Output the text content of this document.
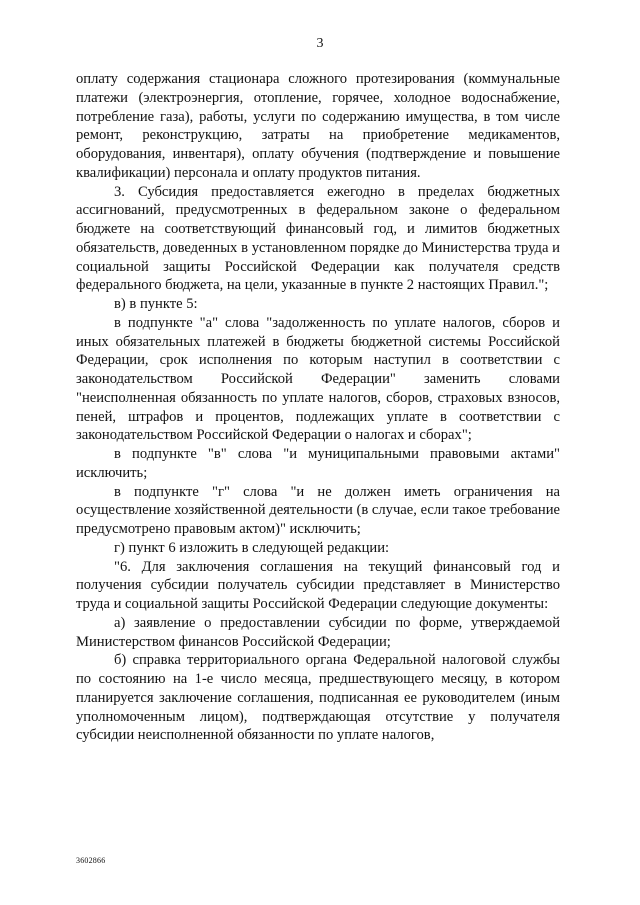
3

оплату содержания стационара сложного протезирования (коммунальные платежи (электроэнергия, отопление, горячее, холодное водоснабжение, потребление газа), работы, услуги по содержанию имущества, в том числе ремонт, реконструкцию, затраты на приобретение медикаментов, оборудования, инвентаря), оплату обучения (подтверждение и повышение квалификации) персонала и оплату продуктов питания.

3. Субсидия предоставляется ежегодно в пределах бюджетных ассигнований, предусмотренных в федеральном законе о федеральном бюджете на соответствующий финансовый год, и лимитов бюджетных обязательств, доведенных в установленном порядке до Министерства труда и социальной защиты Российской Федерации как получателя средств федерального бюджета, на цели, указанные в пункте 2 настоящих Правил.";

в) в пункте 5:

в подпункте "а" слова "задолженность по уплате налогов, сборов и иных обязательных платежей в бюджеты бюджетной системы Российской Федерации, срок исполнения по которым наступил в соответствии с законодательством Российской Федерации" заменить словами "неисполненная обязанность по уплате налогов, сборов, страховых взносов, пеней, штрафов и процентов, подлежащих уплате в соответствии с законодательством Российской Федерации о налогах и сборах";

в подпункте "в" слова "и муниципальными правовыми актами" исключить;

в подпункте "г" слова "и не должен иметь ограничения на осуществление хозяйственной деятельности (в случае, если такое требование предусмотрено правовым актом)" исключить;

г) пункт 6 изложить в следующей редакции:

"6. Для заключения соглашения на текущий финансовый год и получения субсидии получатель субсидии представляет в Министерство труда и социальной защиты Российской Федерации следующие документы:

а) заявление о предоставлении субсидии по форме, утверждаемой Министерством финансов Российской Федерации;

б) справка территориального органа Федеральной налоговой службы по состоянию на 1-е число месяца, предшествующего месяцу, в котором планируется заключение соглашения, подписанная ее руководителем (иным уполномоченным лицом), подтверждающая отсутствие у получателя субсидии неисполненной обязанности по уплате налогов,

3602866
